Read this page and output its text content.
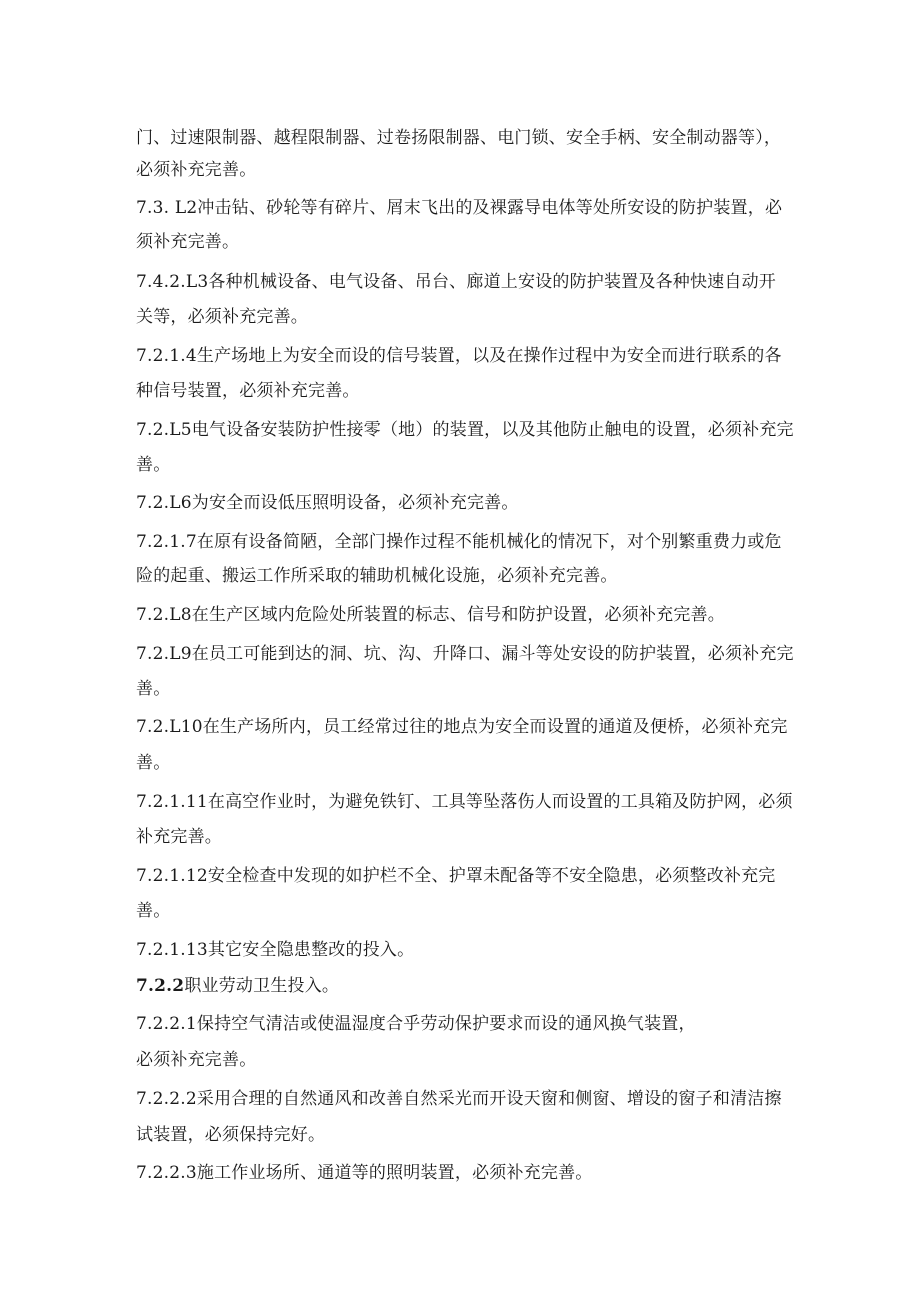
门、过速限制器、越程限制器、过卷扬限制器、电门锁、安全手柄、安全制动器等），
必须补充完善。
7.3. L2冲击钻、砂轮等有碎片、屑末飞出的及裸露导电体等处所安设的防护装置，必
须补充完善。
7.4.2.L3各种机械设备、电气设备、吊台、廊道上安设的防护装置及各种快速自动开
关等，必须补充完善。
7.2.1.4生产场地上为安全而设的信号装置，以及在操作过程中为安全而进行联系的各
种信号装置，必须补充完善。
7.2.L5电气设备安装防护性接零（地）的装置，以及其他防止触电的设置，必须补充完
善。
7.2.L6为安全而设低压照明设备，必须补充完善。
7.2.1.7在原有设备简陋，全部门操作过程不能机械化的情况下，对个别繁重费力或危
险的起重、搬运工作所采取的辅助机械化设施，必须补充完善。
7.2.L8在生产区域内危险处所装置的标志、信号和防护设置，必须补充完善。
7.2.L9在员工可能到达的洞、坑、沟、升降口、漏斗等处安设的防护装置，必须补充完
善。
7.2.L10在生产场所内，员工经常过往的地点为安全而设置的通道及便桥，必须补充完
善。
7.2.1.11在高空作业时，为避免铁钉、工具等坠落伤人而设置的工具箱及防护网，必须
补充完善。
7.2.1.12安全检查中发现的如护栏不全、护罩未配备等不安全隐患，必须整改补充完
善。
7.2.1.13其它安全隐患整改的投入。
7.2.2职业劳动卫生投入。
7.2.2.1保持空气清洁或使温湿度合乎劳动保护要求而设的通风换气装置，
必须补充完善。
7.2.2.2采用合理的自然通风和改善自然采光而开设天窗和侧窗、增设的窗子和清洁擦
试装置，必须保持完好。
7.2.2.3施工作业场所、通道等的照明装置，必须补充完善。
